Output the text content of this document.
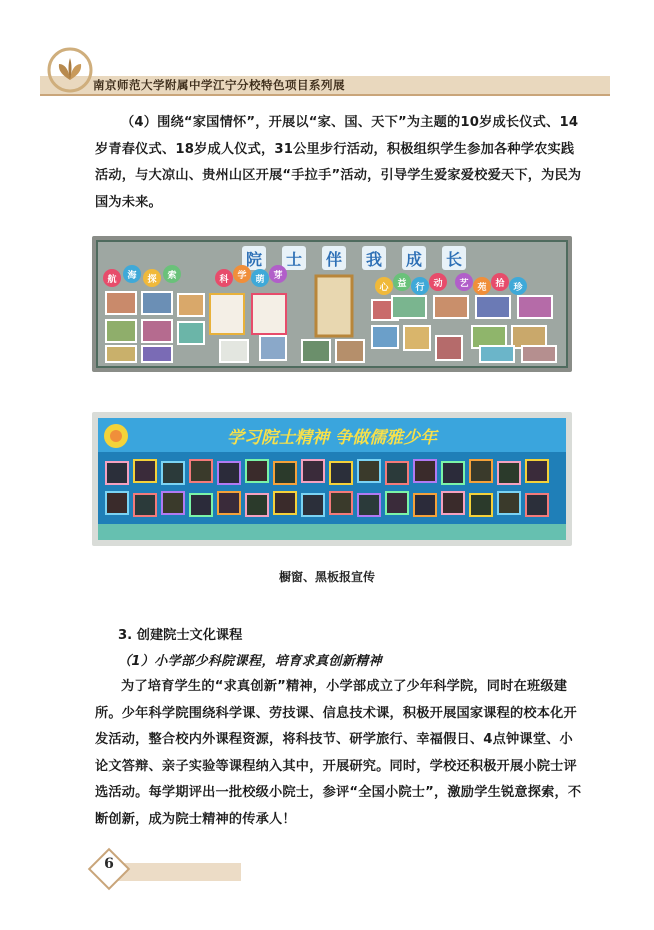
南京师范大学附属中学江宁分校特色项目系列展
（4）围绕“家国情怀”，开展以“家、国、天下”为主题的10岁成长仪式、14岁青春仪式、18岁成人仪式，31公里步行活动，积极组织学生参加各种学农实践活动，与大凉山、贵州山区开展“手拉手”活动，引导学生爱家爱校爱天下，为民为国为未来。
院 士 伴 我 成 长
航 海 探 索	科 学 萌 芽
心 益 行 动 艺 苑 拾 珍
学习院士精神 争做儒雅少年
橱窗、黑板报宣传
3. 创建院士文化课程
（1）小学部少科院课程，培育求真创新精神
为了培育学生的“求真创新”精神，小学部成立了少年科学院，同时在班级建所。少年科学院围绕科学课、劳技课、信息技术课，积极开展国家课程的校本化开发活动，整合校内外课程资源，将科技节、研学旅行、幸福假日、4点钟课堂、小论文答辩、亲子实验等课程纳入其中，开展研究。同时，学校还积极开展小院士评选活动。每学期评出一批校级小院士，参评“全国小院士”，激励学生锐意探索，不断创新，成为院士精神的传承人！
6
